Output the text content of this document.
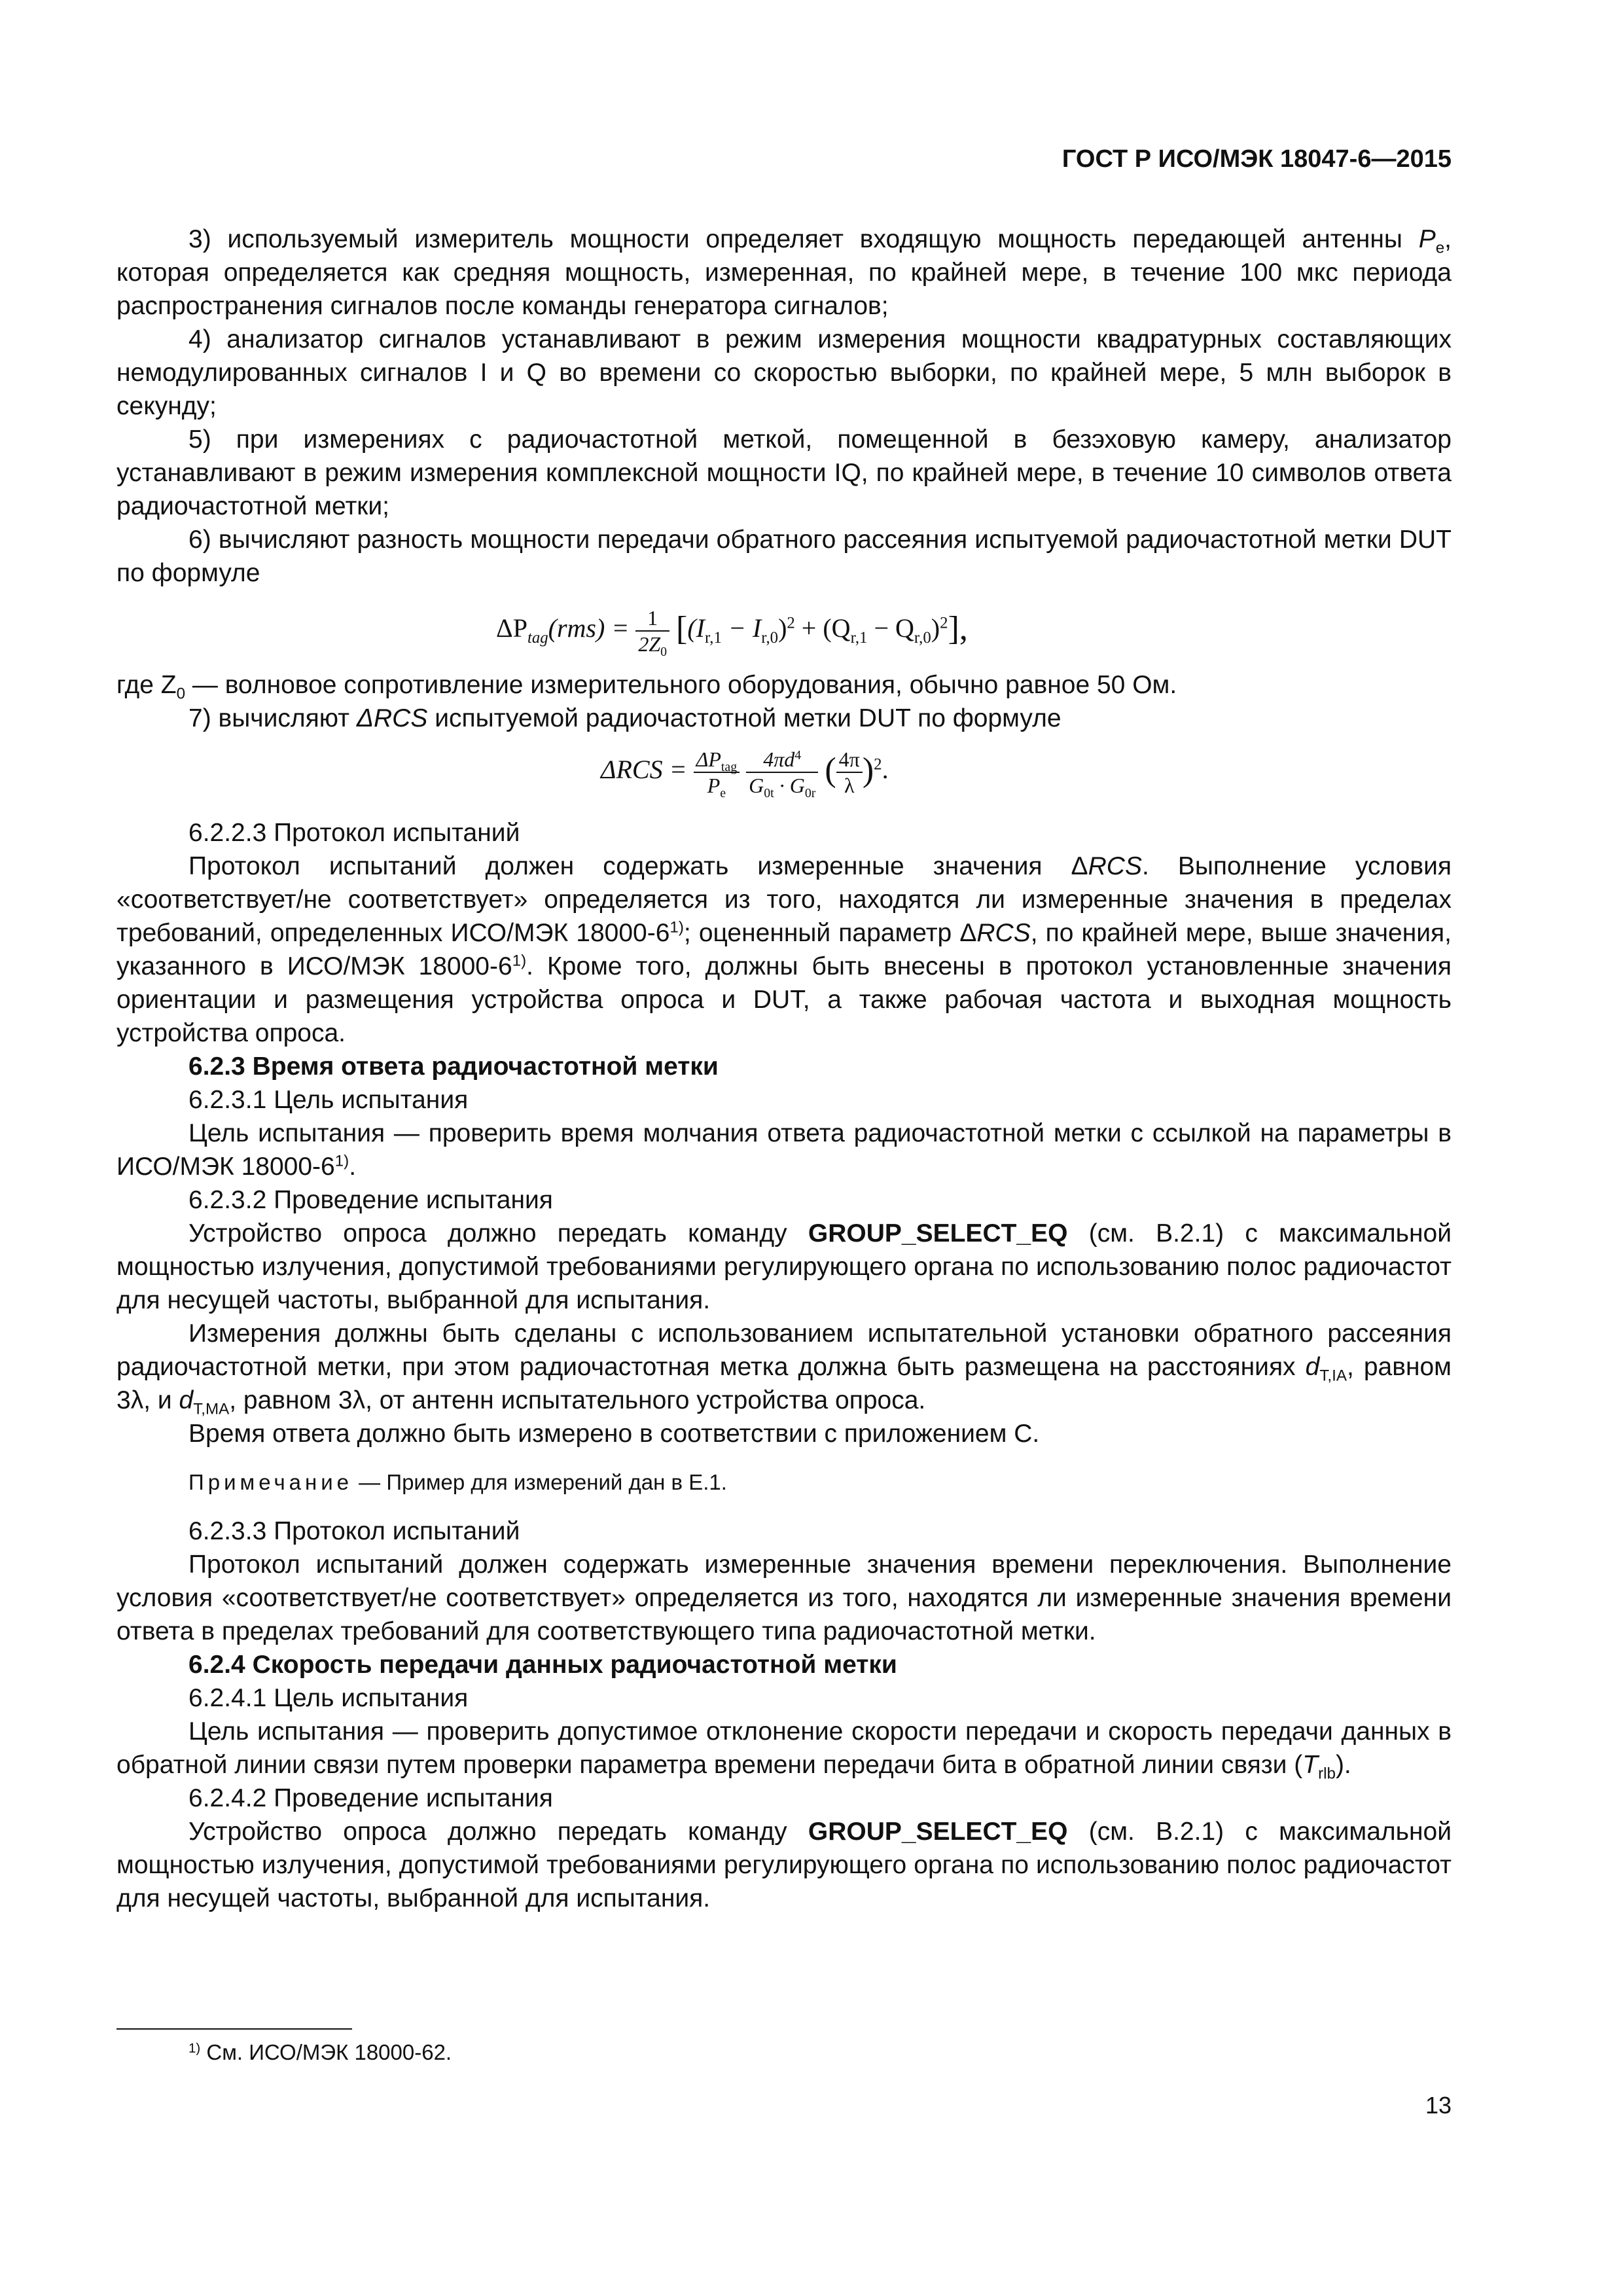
ГОСТ Р ИСО/МЭК 18047-6—2015

3) используемый измеритель мощности определяет входящую мощность передающей антенны $P_e$, которая определяется как средняя мощность, измеренная, по крайней мере, в течение 100 мкс периода распространения сигналов после команды генератора сигналов;

4) анализатор сигналов устанавливают в режим измерения мощности квадратурных составляющих немодулированных сигналов I и Q во времени со скоростью выборки, по крайней мере, 5 млн выборок в секунду;

5) при измерениях с радиочастотной меткой, помещенной в безэховую камеру, анализатор устанавливают в режим измерения комплексной мощности IQ, по крайней мере, в течение 10 символов ответа радиочастотной метки;

6) вычисляют разность мощности передачи обратного рассеяния испытуемой радиочастотной метки DUT по формуле

$\Delta P_{tag}(rms) = \frac{1}{2Z_0} [(I_{r,1} - I_{r,0})^2 + (Q_{r,1} - Q_{r,0})^2]$,

где $Z_0$ — волновое сопротивление измерительного оборудования, обычно равное 50 Ом.

7) вычисляют ΔRCS испытуемой радиочастотной метки DUT по формуле

$\Delta RCS = \frac{\Delta P_{tag}}{P_e}$
$\frac{4\pi d^4}{G_{0t} \cdot G_{0r}}$ ( $\frac{4\pi}{\lambda} )^2$.

6.2.2.3 Протокол испытаний

Протокол испытаний должен содержать измеренные значения ΔRCS. Выполнение условия «соответствует/не соответствует» определяется из того, находятся ли измеренные значения в пределах требований, определенных ИСО/МЭК 18000-6$^{1)}$; оцененный параметр ΔRCS, по крайней мере, выше значения, указанного в ИСО/МЭК 18000-6$^{1)}$. Кроме того, должны быть внесены в протокол установленные значения ориентации и размещения устройства опроса и DUT, а также рабочая частота и выходная мощность устройства опроса.

6.2.3 Время ответа радиочастотной метки

6.2.3.1 Цель испытания

Цель испытания — проверить время молчания ответа радиочастотной метки с ссылкой на параметры в ИСО/МЭК 18000-6$^{1)}$.

6.2.3.2 Проведение испытания

Устройство опроса должно передать команду GROUP_SELECT_EQ (см. В.2.1) с максимальной мощностью излучения, допустимой требованиями регулирующего органа по использованию полос радиочастот для несущей частоты, выбранной для испытания.

Измерения должны быть сделаны с использованием испытательной установки обратного рассеяния радиочастотной метки, при этом радиочастотная метка должна быть размещена на расстояниях $d_{T,IA}$, равном 3λ, и $d_{T,MA}$, равном 3λ, от антенн испытательного устройства опроса.

Время ответа должно быть измерено в соответствии с приложением С.

Примечание — Пример для измерений дан в Е.1.

6.2.3.3 Протокол испытаний

Протокол испытаний должен содержать измеренные значения времени переключения. Выполнение условия «соответствует/не соответствует» определяется из того, находятся ли измеренные значения времени ответа в пределах требований для соответствующего типа радиочастотной метки.

6.2.4 Скорость передачи данных радиочастотной метки

6.2.4.1 Цель испытания

Цель испытания — проверить допустимое отклонение скорости передачи и скорость передачи данных в обратной линии связи путем проверки параметра времени передачи бита в обратной линии связи $(T_{rlb})$.

6.2.4.2 Проведение испытания

Устройство опроса должно передать команду GROUP_SELECT_EQ (см. В.2.1) с максимальной мощностью излучения, допустимой требованиями регулирующего органа по использованию полос радиочастот для несущей частоты, выбранной для испытания.

$^{1)}$ См. ИСО/МЭК 18000-62.
13
